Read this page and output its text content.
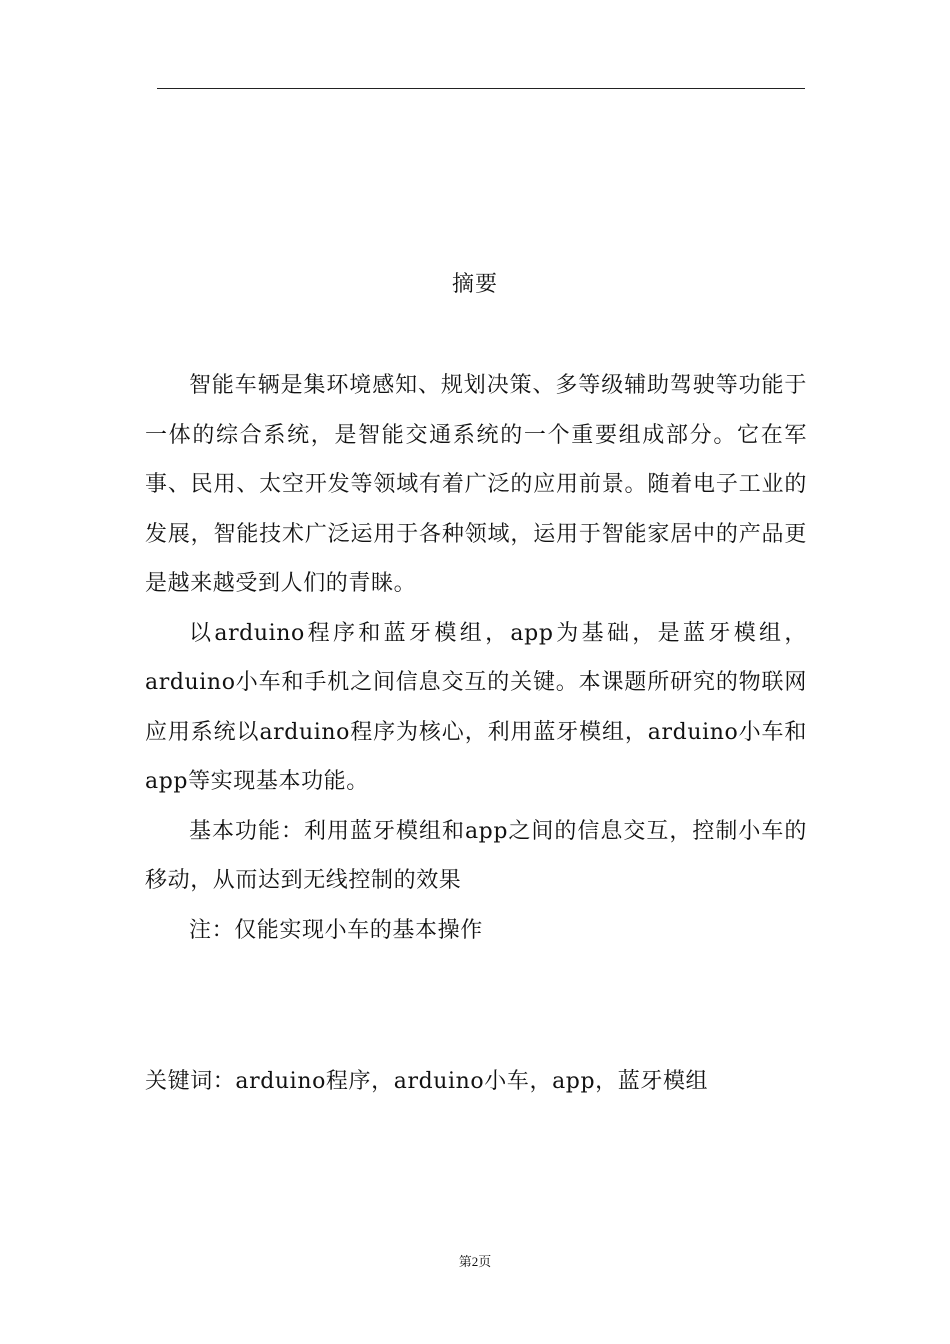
摘要

智能车辆是集环境感知、规划决策、多等级辅助驾驶等功能于一体的综合系统，是智能交通系统的一个重要组成部分。它在军事、民用、太空开发等领域有着广泛的应用前景。随着电子工业的发展，智能技术广泛运用于各种领域，运用于智能家居中的产品更是越来越受到人们的青睐。

以arduino程序和蓝牙模组，app为基础，是蓝牙模组，arduino小车和手机之间信息交互的关键。本课题所研究的物联网应用系统以arduino程序为核心，利用蓝牙模组，arduino小车和app等实现基本功能。

基本功能：利用蓝牙模组和app之间的信息交互，控制小车的移动，从而达到无线控制的效果

注：仅能实现小车的基本操作

关键词：arduino程序，arduino小车，app，蓝牙模组
第2页
